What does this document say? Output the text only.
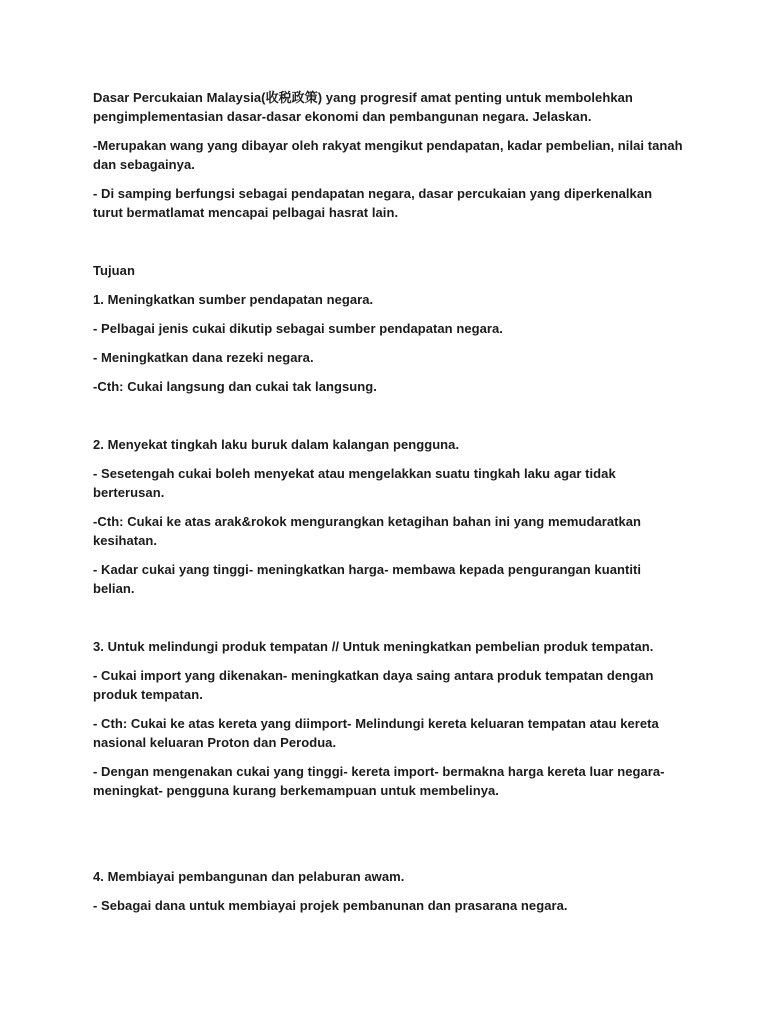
Dasar Percukaian Malaysia(收税政策) yang progresif amat penting untuk membolehkan pengimplementasian dasar-dasar ekonomi dan pembangunan negara. Jelaskan.

-Merupakan wang yang dibayar oleh rakyat mengikut pendapatan, kadar pembelian, nilai tanah dan sebagainya.

- Di samping berfungsi sebagai pendapatan negara, dasar percukaian yang diperkenalkan turut bermatlamat mencapai pelbagai hasrat lain.

Tujuan

1. Meningkatkan sumber pendapatan negara.

- Pelbagai jenis cukai dikutip sebagai sumber pendapatan negara.

- Meningkatkan dana rezeki negara.

-Cth: Cukai langsung dan cukai tak langsung.

2. Menyekat tingkah laku buruk dalam kalangan pengguna.

- Sesetengah cukai boleh menyekat atau mengelakkan suatu tingkah laku agar tidak berterusan.

-Cth: Cukai ke atas arak&rokok mengurangkan ketagihan bahan ini yang memudaratkan kesihatan.

- Kadar cukai yang tinggi- meningkatkan harga- membawa kepada pengurangan kuantiti belian.

3. Untuk melindungi produk tempatan // Untuk meningkatkan pembelian produk tempatan.

- Cukai import yang dikenakan- meningkatkan daya saing antara produk tempatan dengan produk tempatan.

- Cth: Cukai ke atas kereta yang diimport- Melindungi kereta keluaran tempatan atau kereta nasional keluaran Proton dan Perodua.

- Dengan mengenakan cukai yang tinggi- kereta import- bermakna harga kereta luar negara- meningkat- pengguna kurang berkemampuan untuk membelinya.

4. Membiayai pembangunan dan pelaburan awam.

- Sebagai dana untuk membiayai projek pembanunan dan prasarana negara.
